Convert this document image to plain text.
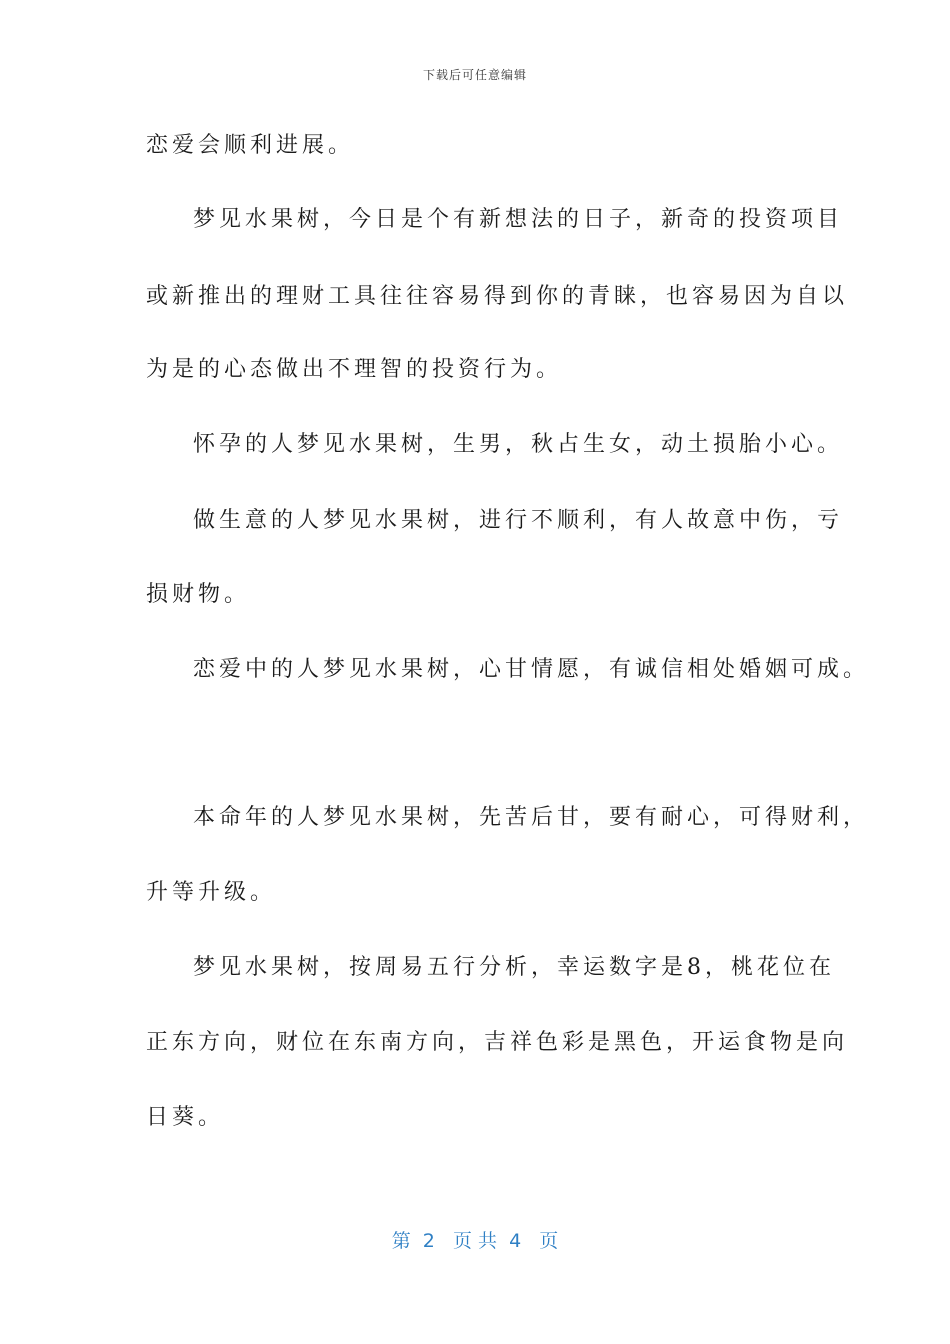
下载后可任意编辑
恋爱会顺利进展。
梦见水果树，今日是个有新想法的日子，新奇的投资项目
或新推出的理财工具往往容易得到你的青睐，也容易因为自以
为是的心态做出不理智的投资行为。
怀孕的人梦见水果树，生男，秋占生女，动土损胎小心。
做生意的人梦见水果树，进行不顺利，有人故意中伤，亏
损财物。
恋爱中的人梦见水果树，心甘情愿，有诚信相处婚姻可成。
本命年的人梦见水果树，先苦后甘，要有耐心，可得财利，
升等升级。
梦见水果树，按周易五行分析，幸运数字是8，桃花位在
正东方向，财位在东南方向，吉祥色彩是黑色，开运食物是向
日葵。
第  2   页 共  4   页
